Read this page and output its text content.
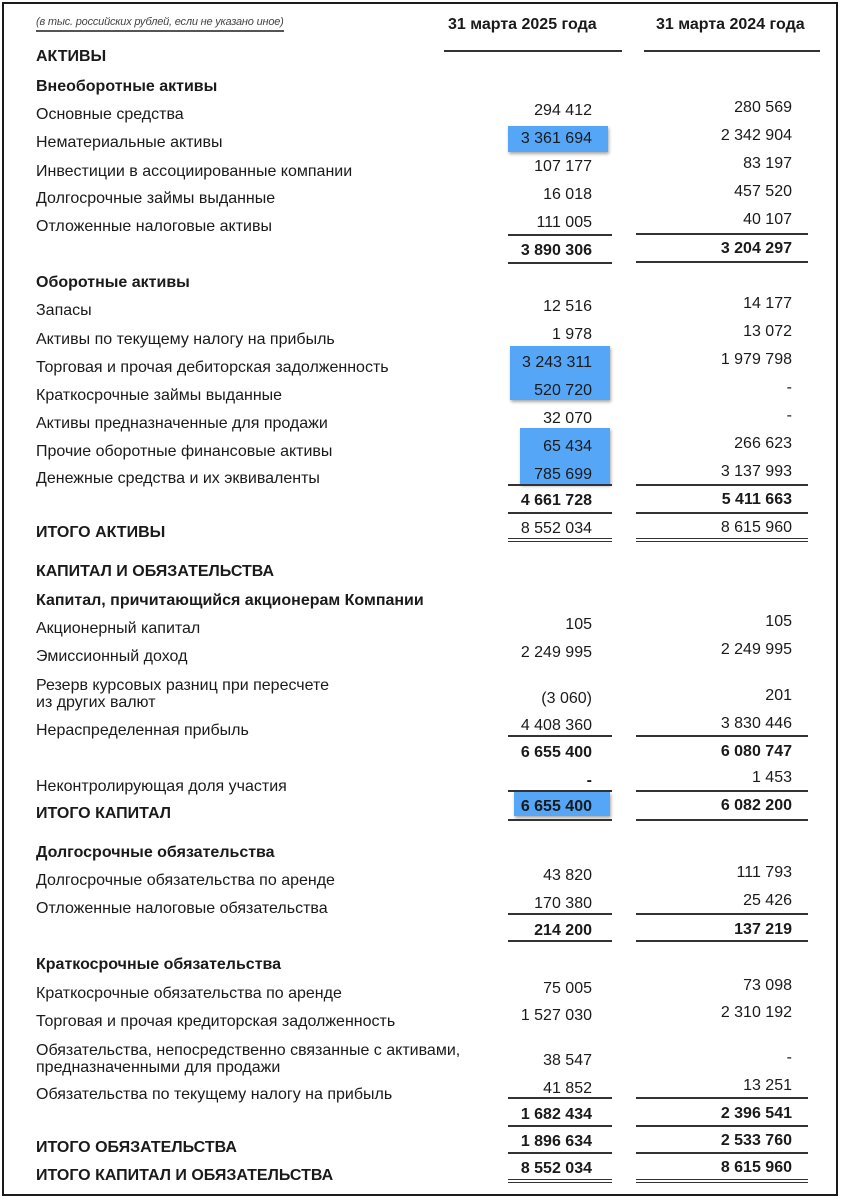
(в тыс. российских рублей, если не указано иное)	31 марта 2025 года	31 марта 2024 года
АКТИВЫ
Внеоборотные активы
Основные средства	294 412	280 569
Нематериальные активы	3 361 694	2 342 904
Инвестиции в ассоциированные компании	107 177	83 197
Долгосрочные займы выданные	16 018	457 520
Отложенные налоговые активы	111 005	40 107
3 890 306	3 204 297
Оборотные активы
Запасы	12 516	14 177
Активы по текущему налогу на прибыль	1 978	13 072
Торговая и прочая дебиторская задолженность	3 243 311	1 979 798
Краткосрочные займы выданные	520 720	-
Активы предназначенные для продажи	32 070	-
Прочие оборотные финансовые активы	65 434	266 623
Денежные средства и их эквиваленты	785 699	3 137 993
4 661 728	5 411 663
ИТОГО АКТИВЫ	8 552 034	8 615 960
КАПИТАЛ И ОБЯЗАТЕЛЬСТВА
Капитал, причитающийся акционерам Компании
Акционерный капитал	105	105
Эмиссионный доход	2 249 995	2 249 995
Резерв курсовых разниц при пересчете
из других валют	(3 060)	201
Нераспределенная прибыль	4 408 360	3 830 446
6 655 400	6 080 747
Неконтролирующая доля участия	-	1 453
ИТОГО КАПИТАЛ	6 655 400	6 082 200
Долгосрочные обязательства
Долгосрочные обязательства по аренде	43 820	111 793
Отложенные налоговые обязательства	170 380	25 426
214 200	137 219
Краткосрочные обязательства
Краткосрочные обязательства по аренде	75 005	73 098
Торговая и прочая кредиторская задолженность	1 527 030	2 310 192
Обязательства, непосредственно связанные с активами,
предназначенными для продажи	38 547	-
Обязательства по текущему налогу на прибыль	41 852	13 251
1 682 434	2 396 541
ИТОГО ОБЯЗАТЕЛЬСТВА	1 896 634	2 533 760
ИТОГО КАПИТАЛ И ОБЯЗАТЕЛЬСТВА	8 552 034	8 615 960
